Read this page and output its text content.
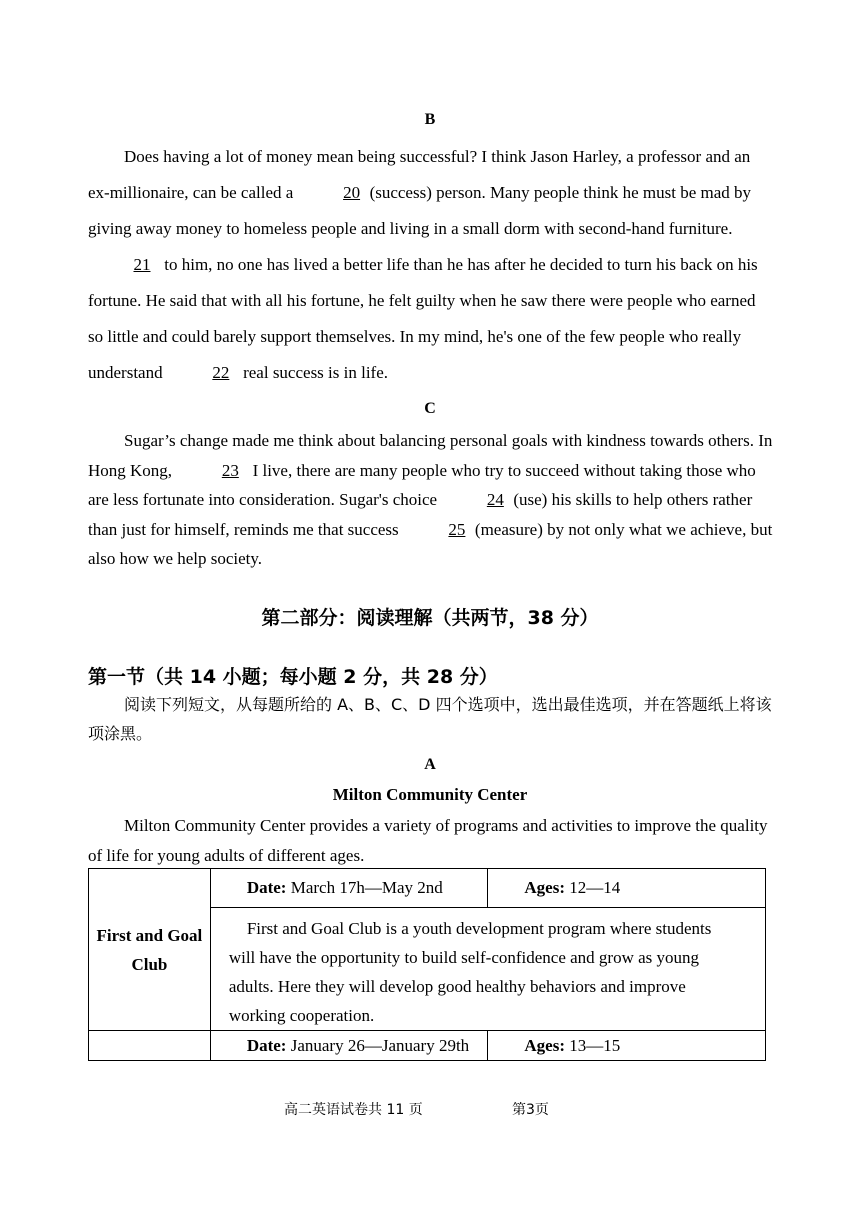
B
Does having a lot of money mean being successful? I think Jason Harley, a professor and an ex-millionaire, can be called a	20 (success) person. Many people think he must be mad by giving away money to homeless people and living in a small dorm with second-hand furniture. 21 to him, no one has lived a better life than he has after he decided to turn his back on his fortune. He said that with all his fortune, he felt guilty when he saw there were people who earned so little and could barely support themselves. In my mind, he's one of the few people who really understand	22 real success is in life.
C
Sugar’s change made me think about balancing personal goals with kindness towards others. In Hong Kong,	23 I live, there are many people who try to succeed without taking those who are less fortunate into consideration. Sugar's choice	24 (use) his skills to help others rather than just for himself, reminds me that success	25 (measure) by not only what we achieve, but also how we help society.
第二部分：阅读理解（共两节，38 分）
第一节（共 14 小题；每小题 2 分，共 28 分）
阅读下列短文，从每题所给的 A、B、C、D 四个选项中，选出最佳选项，并在答题纸上将该项涂黑。
A
Milton Community Center
Milton Community Center provides a variety of programs and activities to improve the quality of life for young adults of different ages.
First and Goal Club	Date: March 17h—May 2nd	Ages: 12—14
	First and Goal Club is a youth development program where students will have the opportunity to build self-confidence and grow as young adults. Here they will develop good healthy behaviors and improve working cooperation.	
	Date: January 26—January 29th	Ages: 13—15
高二英语试卷共 11 页	第3页
